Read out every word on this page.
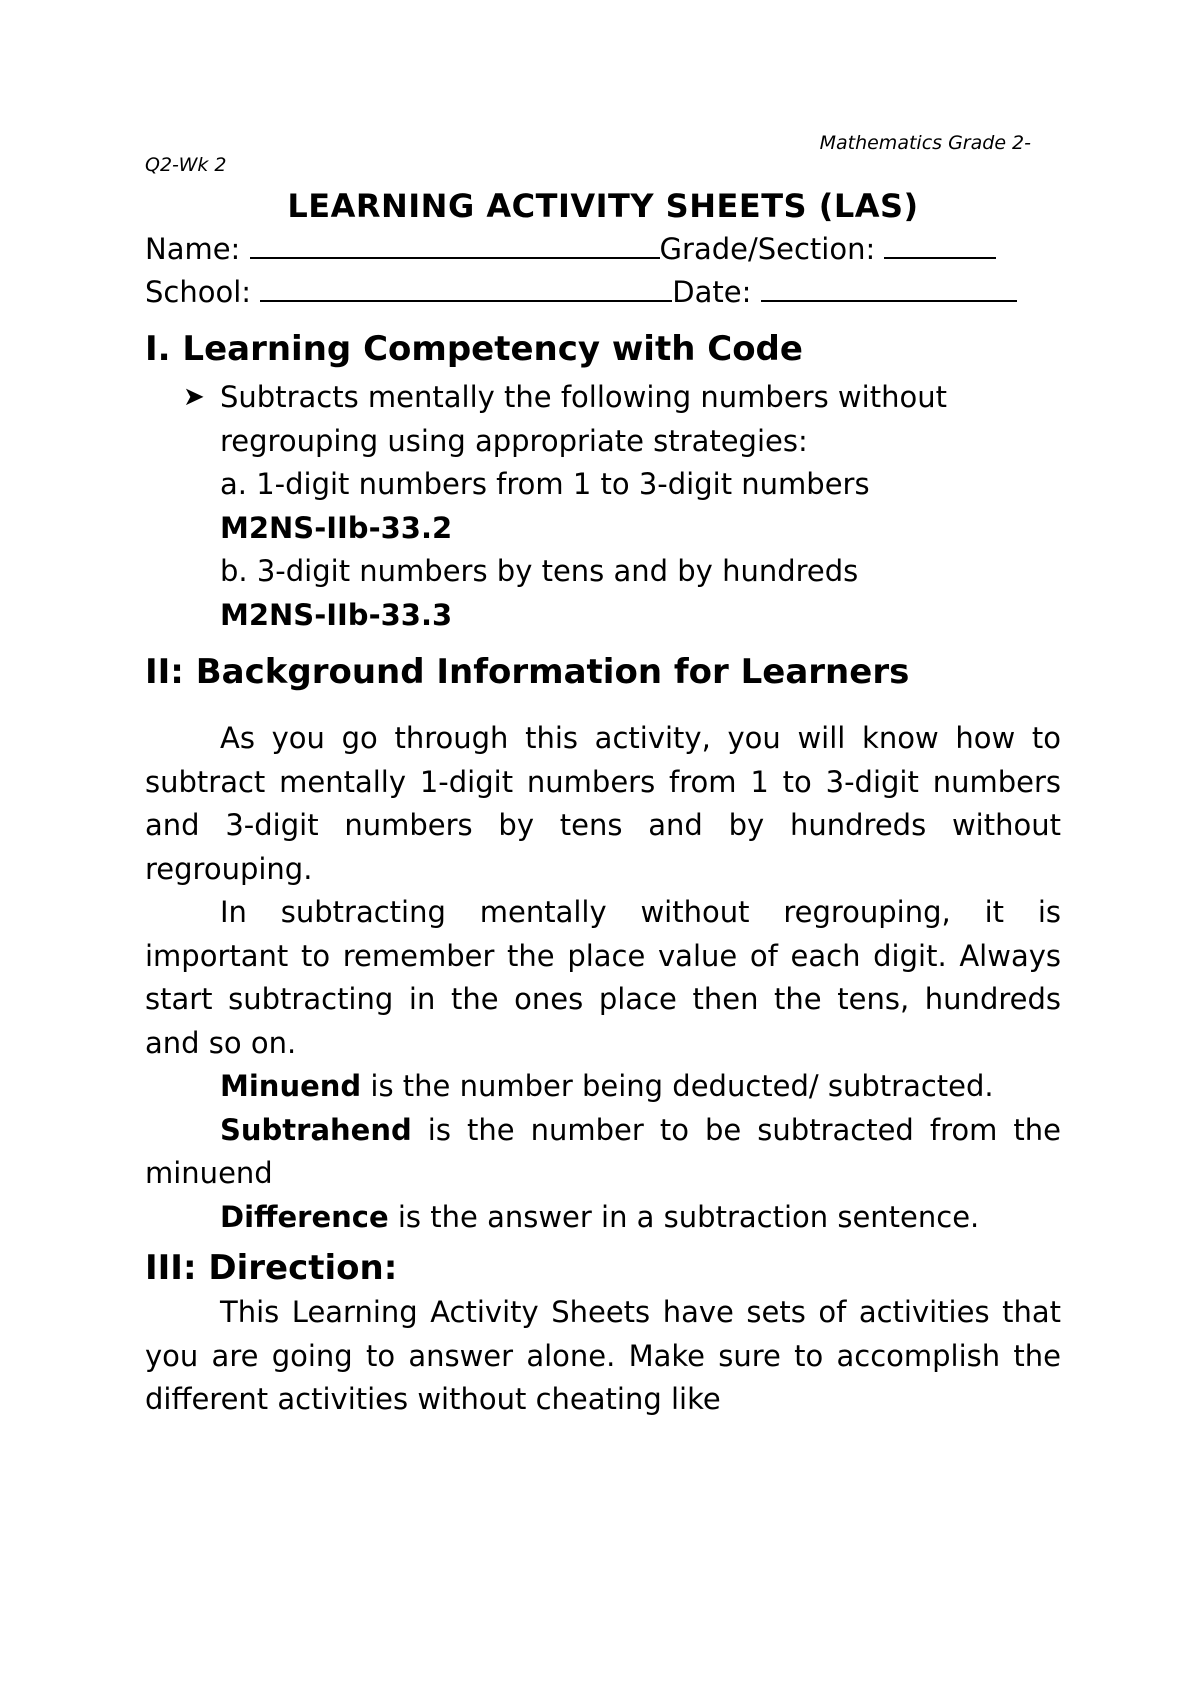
Mathematics Grade 2-
Q2-Wk 2
LEARNING ACTIVITY SHEETS (LAS)
Name:	Grade/Section:
School:	Date:
I. Learning Competency with Code
➤ Subtracts mentally the following numbers without regrouping using appropriate strategies:
a. 1-digit numbers from 1 to 3-digit numbers
M2NS-IIb-33.2
b. 3-digit numbers by tens and by hundreds
M2NS-IIb-33.3
II: Background Information for Learners

As you go through this activity, you will know how to subtract mentally 1-digit numbers from 1 to 3-digit numbers and 3-digit numbers by tens and by hundreds without regrouping.

In subtracting mentally without regrouping, it is important to remember the place value of each digit. Always start subtracting in the ones place then the tens, hundreds and so on.

Minuend is the number being deducted/ subtracted.

Subtrahend is the number to be subtracted from the minuend

Difference is the answer in a subtraction sentence.

III: Direction:

This Learning Activity Sheets have sets of activities that you are going to answer alone. Make sure to accomplish the different activities without cheating like
